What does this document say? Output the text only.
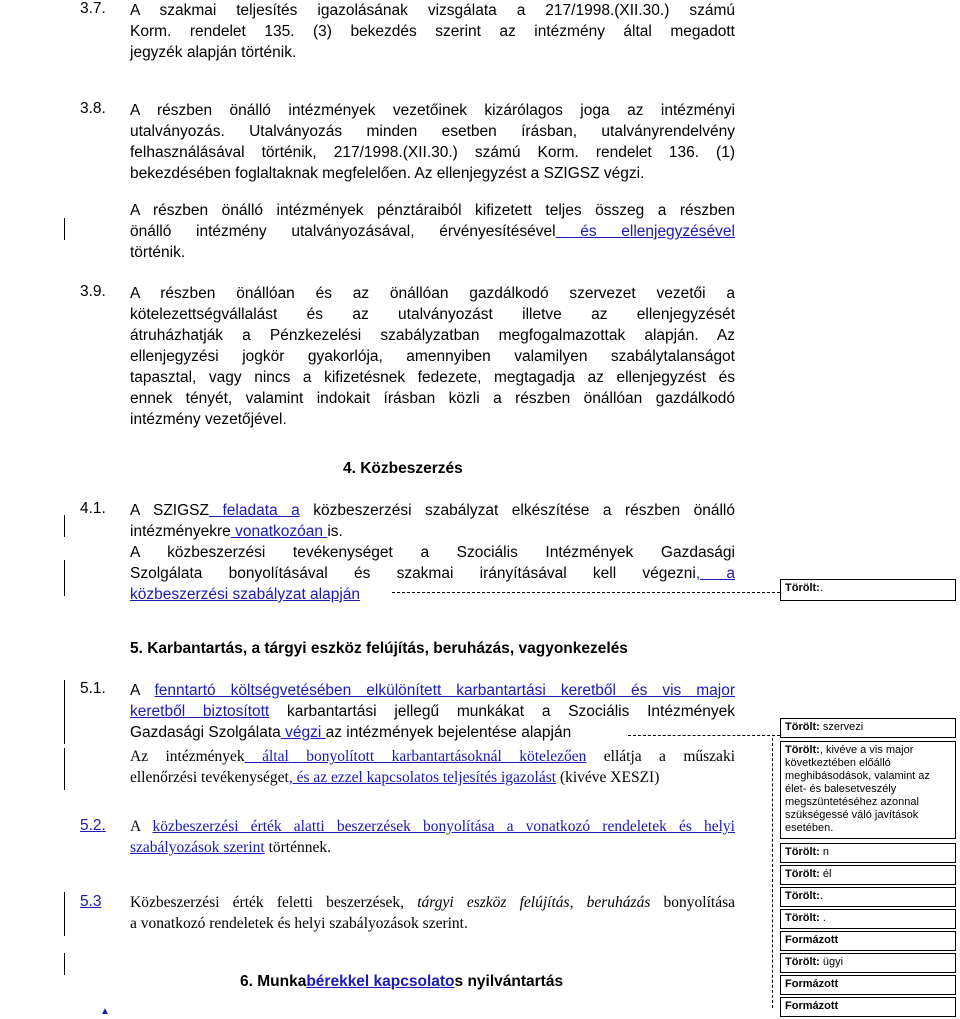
3.7. A szakmai teljesítés igazolásának vizsgálata a 217/1998.(XII.30.) számú
Korm. rendelet 135. (3) bekezdés szerint az intézmény által megadott
jegyzék alapján történik.
3.8. A részben önálló intézmények vezetőinek kizárólagos joga az intézményi
utalványozás. Utalványozás minden esetben írásban, utalványrendelvény
felhasználásával történik, 217/1998.(XII.30.) számú Korm. rendelet 136. (1)
bekezdésében foglaltaknak megfelelően. Az ellenjegyzést a SZIGSZ végzi.
A részben önálló intézmények pénztáraiból kifizetett teljes összeg a részben
önálló intézmény utalványozásával, érvényesítésével és ellenjegyzésével
történik.
3.9. A részben önállóan és az önállóan gazdálkodó szervezet vezetői a
kötelezettségvállalást és az utalványozást illetve az ellenjegyzését
átruházhatják a Pénzkezelési szabályzatban megfogalmazottak alapján. Az
ellenjegyzési jogkör gyakorlója, amennyiben valamilyen szabálytalanságot
tapasztal, vagy nincs a kifizetésnek fedezete, megtagadja az ellenjegyzést és
ennek tényét, valamint indokait írásban közli a részben önállóan gazdálkodó
intézmény vezetőjével.
4. Közbeszerzés
4.1. A SZIGSZ feladata a közbeszerzési szabályzat elkészítése a részben önálló
intézményekre vonatkozóan is.
A közbeszerzési tevékenységet a Szociális Intézmények Gazdasági
Szolgálata bonyolításával és szakmai irányításával kell végezni, a
közbeszerzési szabályzat alapján
5. Karbantartás, a tárgyi eszköz felújítás, beruházás, vagyonkezelés
5.1. A fenntartó költségvetésében elkülönített karbantartási keretből és vis major
keretből biztosított karbantartási jellegű munkákat a Szociális Intézmények
Gazdasági Szolgálata végzi az intézmények bejelentése alapján
Az intézmények által bonyolított karbantartásoknál kötelezően ellátja a műszaki
ellenőrzési tevékenységet, és az ezzel kapcsolatos teljesítés igazolást (kivéve XESZI)
5.2. A közbeszerzési érték alatti beszerzések bonyolítása a vonatkozó rendeletek és helyi
szabályozások szerint történnek.
5.3 Közbeszerzési érték feletti beszerzések, tárgyi eszköz felújítás, beruházás bonyolítása
a vonatkozó rendeletek és helyi szabályozások szerint.
6. Munkabérekkel kapcsolatos nyilvántartás
▲
Törölt:.
Törölt: szervezi
Törölt:, kivéve a vis major következtében előálló meghibásodások, valamint az élet- és balesetveszély megszüntetéséhez azonnal szükségessé váló javítások esetében.
Törölt: n
Törölt: él
Törölt:.
Törölt: .
Formázott
Törölt: ügyi
Formázott
Formázott
